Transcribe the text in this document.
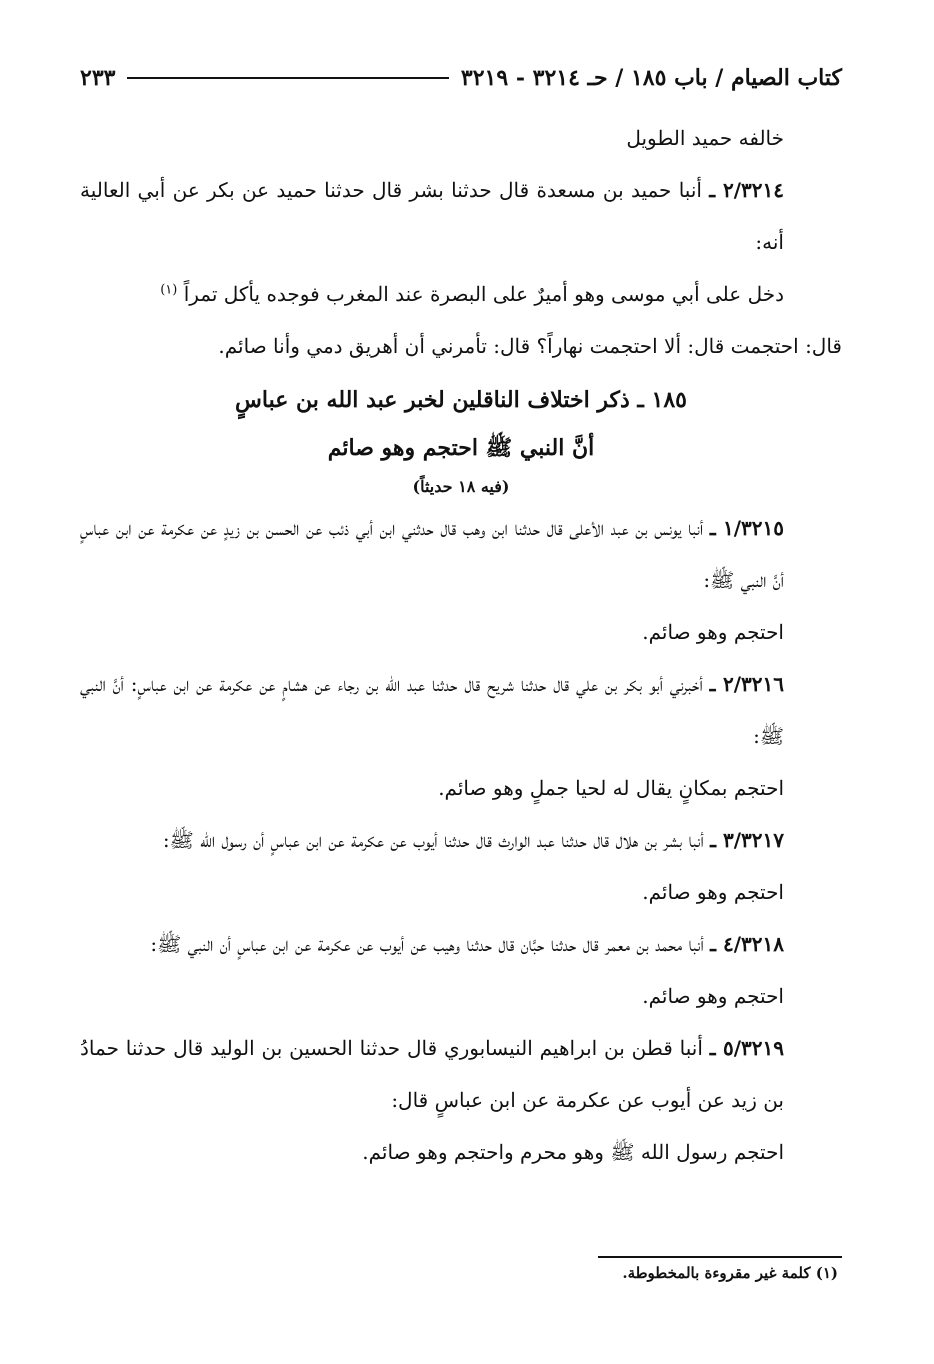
كتاب الصيام / باب ١٨٥ / حـ ٣٢١٤ - ٣٢١٩
٢٣٣

خالفه حميد الطويل

٢/٣٢١٤ ـ أنبا حميد بن مسعدة قال حدثنا بشر قال حدثنا حميد عن بكر عن أبي العالية أنه:

دخل على أبي موسى وهو أميرٌ على البصرة عند المغرب فوجده يأكل تمراً $^{(١)}$

قال: احتجمت قال: ألا احتجمت نهاراً؟ قال: تأمرني أن أهريق دمي وأنا صائم.

١٨٥ ـ ذكر اختلاف الناقلين لخبر عبد الله بن عباسٍ
أنَّ النبي ﷺ احتجم وهو صائم
(فيه ١٨ حديثاً)

١/٣٢١٥ ـ أنبا يونس بن عبد الأعلى قال حدثنا ابن وهب قال حدثني ابن أبي ذئب عن الحسن بن زيدٍ عن عكرمة عن ابن عباسٍ أنَّ النبي ﷺ:

احتجم وهو صائم.

٢/٣٢١٦ ـ أخبرني أبو بكر بن علي قال حدثنا شريح قال حدثنا عبد الله بن رجاء عن هشامٍ عن عكرمة عن ابن عباسٍ: أنَّ النبي ﷺ:

احتجم بمكانٍ يقال له لحيا جملٍ وهو صائم.

٣/٣٢١٧ ـ أنبا بشر بن هلال قال حدثنا عبد الوارث قال حدثنا أيوب عن عكرمة عن ابن عباسٍ أن رسول الله ﷺ:

احتجم وهو صائم.

٤/٣٢١٨ ـ أنبا محمد بن معمر قال حدثنا حبَّان قال حدثنا وهيب عن أيوب عن عكرمة عن ابن عباسٍ أن النبي ﷺ:

احتجم وهو صائم.

٥/٣٢١٩ ـ أنبا قطن بن ابراهيم النيسابوري قال حدثنا الحسين بن الوليد قال حدثنا حمادُ بن زيد عن أيوب عن عكرمة عن ابن عباسٍ قال:

احتجم رسول الله ﷺ وهو محرم واحتجم وهو صائم.

(١) كلمة غير مقروءة بالمخطوطة.
